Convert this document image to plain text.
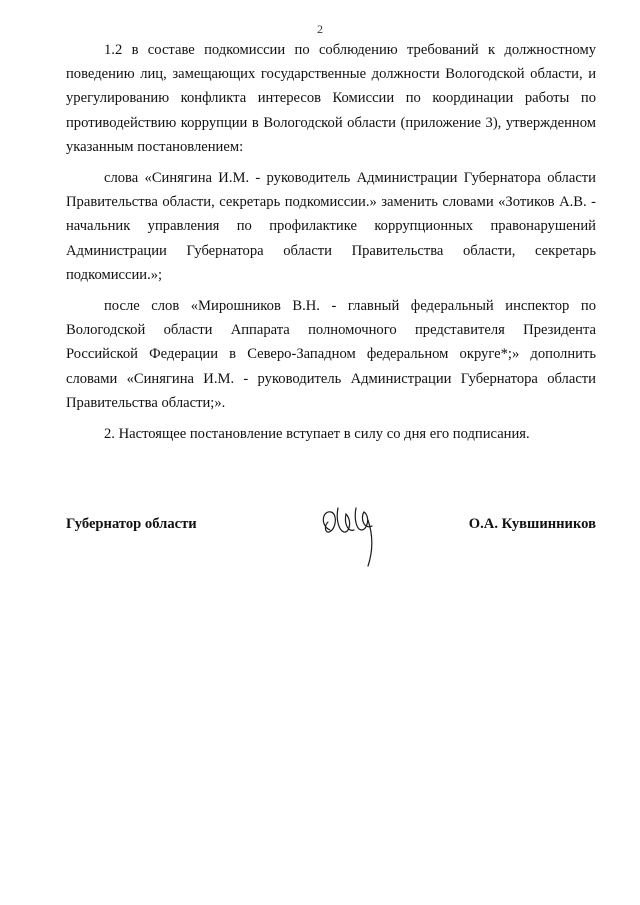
2

1.2 в составе подкомиссии по соблюдению требований к должностному поведению лиц, замещающих государственные должности Вологодской области, и урегулированию конфликта интересов Комиссии по координации работы по противодействию коррупции в Вологодской области (приложение 3), утвержденном указанным постановлением:

слова «Синягина И.М. - руководитель Администрации Губернатора области Правительства области, секретарь подкомиссии.» заменить словами «Зотиков А.В. - начальник управления по профилактике коррупционных правонарушений Администрации Губернатора области Правительства области, секретарь подкомиссии.»;

после слов «Мирошников В.Н. - главный федеральный инспектор по Вологодской области Аппарата полномочного представителя Президента Российской Федерации в Северо-Западном федеральном округе*;» дополнить словами «Синягина И.М. - руководитель Администрации Губернатора области Правительства области;».

2. Настоящее постановление вступает в силу со дня его подписания.

Губернатор области	О.А. Кувшинников
